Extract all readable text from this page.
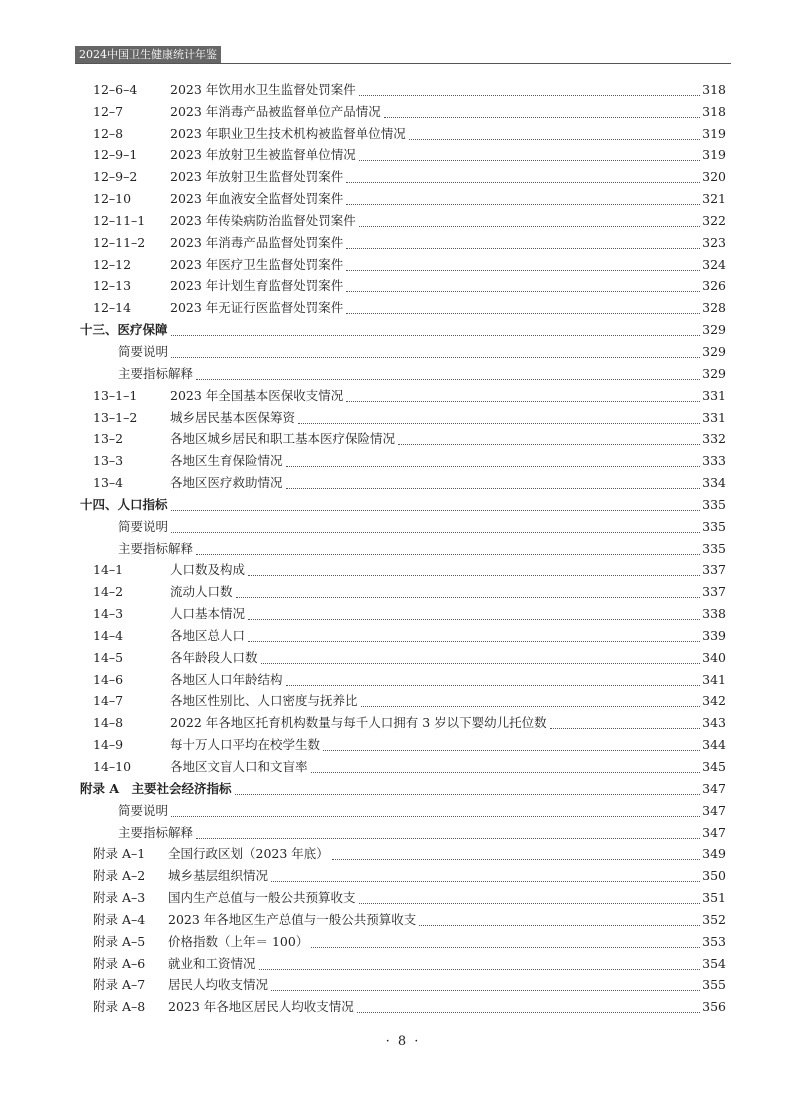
2024中国卫生健康统计年鉴
12–6–4	2023 年饮用水卫生监督处罚案件	318
12–7	2023 年消毒产品被监督单位产品情况	318
12–8	2023 年职业卫生技术机构被监督单位情况	319
12–9–1	2023 年放射卫生被监督单位情况	319
12–9–2	2023 年放射卫生监督处罚案件	320
12–10	2023 年血液安全监督处罚案件	321
12–11–1	2023 年传染病防治监督处罚案件	322
12–11–2	2023 年消毒产品监督处罚案件	323
12–12	2023 年医疗卫生监督处罚案件	324
12–13	2023 年计划生育监督处罚案件	326
12–14	2023 年无证行医监督处罚案件	328
十三、医疗保障	329
简要说明	329
主要指标解释	329
13–1–1	2023 年全国基本医保收支情况	331
13–1–2	城乡居民基本医保筹资	331
13–2	各地区城乡居民和职工基本医疗保险情况	332
13–3	各地区生育保险情况	333
13–4	各地区医疗救助情况	334
十四、人口指标	335
简要说明	335
主要指标解释	335
14–1	人口数及构成	337
14–2	流动人口数	337
14–3	人口基本情况	338
14–4	各地区总人口	339
14–5	各年龄段人口数	340
14–6	各地区人口年龄结构	341
14–7	各地区性别比、人口密度与抚养比	342
14–8	2022 年各地区托育机构数量与每千人口拥有 3 岁以下婴幼儿托位数	343
14–9	每十万人口平均在校学生数	344
14–10	各地区文盲人口和文盲率	345
附录 A　主要社会经济指标	347
简要说明	347
主要指标解释	347
附录 A–1	全国行政区划（2023 年底）	349
附录 A–2	城乡基层组织情况	350
附录 A–3	国内生产总值与一般公共预算收支	351
附录 A–4	2023 年各地区生产总值与一般公共预算收支	352
附录 A–5	价格指数（上年＝ 100）	353
附录 A–6	就业和工资情况	354
附录 A–7	居民人均收支情况	355
附录 A–8	2023 年各地区居民人均收支情况	356
· 8 ·
